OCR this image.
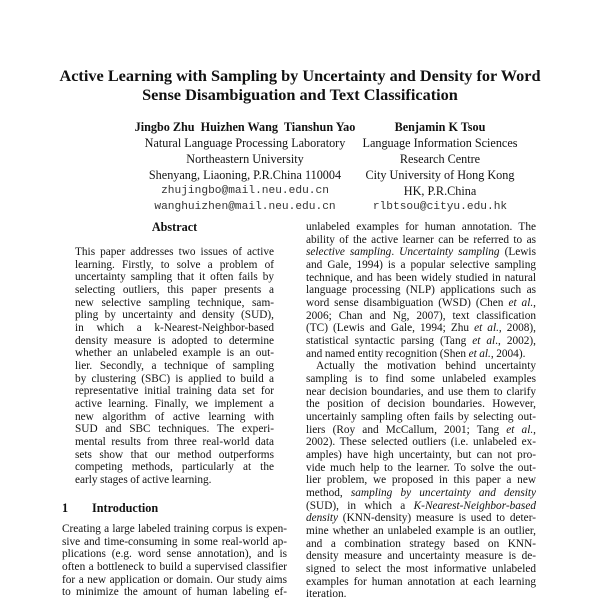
Active Learning with Sampling by Uncertainty and Density for Word
Sense Disambiguation and Text Classification
Jingbo Zhu  Huizhen Wang  Tianshun Yao
Natural Language Processing Laboratory
Northeastern University
Shenyang, Liaoning, P.R.China 110004
zhujingbo@mail.neu.edu.cn
wanghuizhen@mail.neu.edu.cn
Benjamin K Tsou
Language Information Sciences
Research Centre
City University of Hong Kong
HK, P.R.China
rlbtsou@cityu.edu.hk
Abstract
This paper addresses two issues of active
learning. Firstly, to solve a problem of
uncertainty sampling that it often fails by
selecting outliers, this paper presents a
new selective sampling technique, sam-
pling by uncertainty and density (SUD),
in which a k-Nearest-Neighbor-based
density measure is adopted to determine
whether an unlabeled example is an out-
lier. Secondly, a technique of sampling
by clustering (SBC) is applied to build a
representative initial training data set for
active learning. Finally, we implement a
new algorithm of active learning with
SUD and SBC techniques. The experi-
mental results from three real-world data
sets show that our method outperforms
competing methods, particularly at the
early stages of active learning.
1 Introduction
Creating a large labeled training corpus is expen-
sive and time-consuming in some real-world ap-
plications (e.g. word sense annotation), and is
often a bottleneck to build a supervised classifier
for a new application or domain. Our study aims
to minimize the amount of human labeling ef-
unlabeled examples for human annotation. The
ability of the active learner can be referred to as
selective sampling. Uncertainty sampling (Lewis
and Gale, 1994) is a popular selective sampling
technique, and has been widely studied in natural
language processing (NLP) applications such as
word sense disambiguation (WSD) (Chen et al.,
2006; Chan and Ng, 2007), text classification
(TC) (Lewis and Gale, 1994; Zhu et al., 2008),
statistical syntactic parsing (Tang et al., 2002),
and named entity recognition (Shen et al., 2004).
Actually the motivation behind uncertainty
sampling is to find some unlabeled examples
near decision boundaries, and use them to clarify
the position of decision boundaries. However,
uncertainly sampling often fails by selecting out-
liers (Roy and McCallum, 2001; Tang et al.,
2002). These selected outliers (i.e. unlabeled ex-
amples) have high uncertainty, but can not pro-
vide much help to the learner. To solve the out-
lier problem, we proposed in this paper a new
method, sampling by uncertainty and density
(SUD), in which a K-Nearest-Neighbor-based
density (KNN-density) measure is used to deter-
mine whether an unlabeled example is an outlier,
and a combination strategy based on KNN-
density measure and uncertainty measure is de-
signed to select the most informative unlabeled
examples for human annotation at each learning
iteration.
